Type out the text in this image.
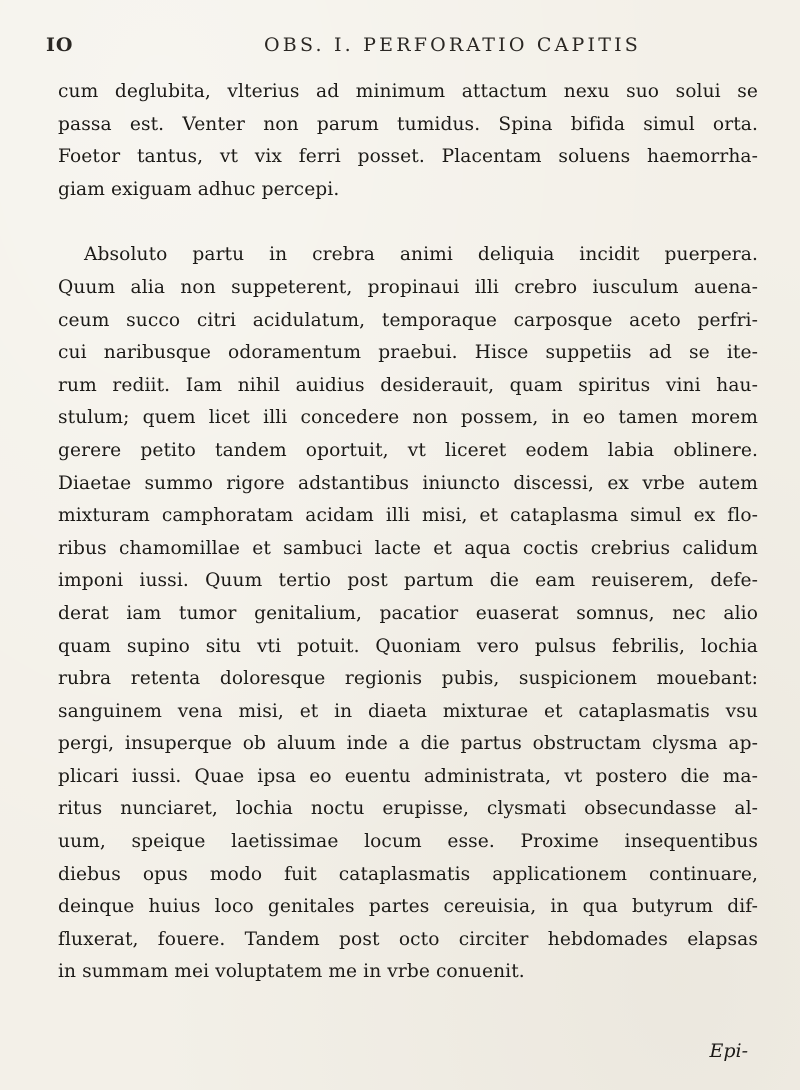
IO	OBS. I. PERFORATIO CAPITIS
cum deglubita, vlterius ad minimum attactum nexu suo solui se
passa est. Venter non parum tumidus. Spina bifida simul orta.
Foetor tantus, vt vix ferri posset. Placentam soluens haemorrha-
giam exiguam adhuc percepi.
Absoluto partu in crebra animi deliquia incidit puerpera.
Quum alia non suppeterent, propinaui illi crebro iusculum auena-
ceum succo citri acidulatum, temporaque carposque aceto perfri-
cui naribusque odoramentum praebui. Hisce suppetiis ad se ite-
rum rediit. Iam nihil auidius desiderauit, quam spiritus vini hau-
stulum; quem licet illi concedere non possem, in eo tamen morem
gerere petito tandem oportuit, vt liceret eodem labia oblinere.
Diaetae summo rigore adstantibus iniuncto discessi, ex vrbe autem
mixturam camphoratam acidam illi misi, et cataplasma simul ex flo-
ribus chamomillae et sambuci lacte et aqua coctis crebrius calidum
imponi iussi. Quum tertio post partum die eam reuiserem, defe-
derat iam tumor genitalium, pacatior euaserat somnus, nec alio
quam supino situ vti potuit. Quoniam vero pulsus febrilis, lochia
rubra retenta doloresque regionis pubis, suspicionem mouebant:
sanguinem vena misi, et in diaeta mixturae et cataplasmatis vsu
pergi, insuperque ob aluum inde a die partus obstructam clysma ap-
plicari iussi. Quae ipsa eo euentu administrata, vt postero die ma-
ritus nunciaret, lochia noctu erupisse, clysmati obsecundasse al-
uum, speique laetissimae locum esse. Proxime insequentibus
diebus opus modo fuit cataplasmatis applicationem continuare,
deinque huius loco genitales partes cereuisia, in qua butyrum dif-
fluxerat, fouere. Tandem post octo circiter hebdomades elapsas
in summam mei voluptatem me in vrbe conuenit.
Epi-
